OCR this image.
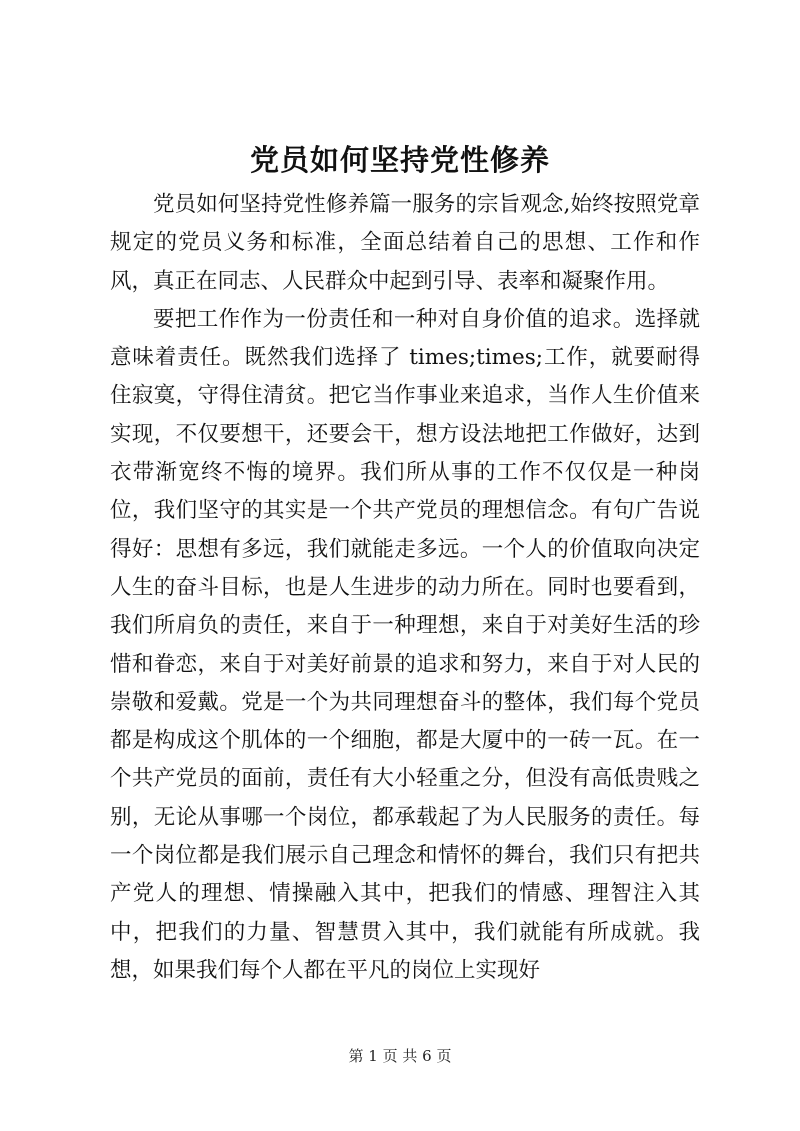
党员如何坚持党性修养

党员如何坚持党性修养篇一服务的宗旨观念,始终按照党章规定的党员义务和标准，全面总结着自己的思想、工作和作风，真正在同志、人民群众中起到引导、表率和凝聚作用。

要把工作作为一份责任和一种对自身价值的追求。选择就意味着责任。既然我们选择了 times;times;工作，就要耐得住寂寞，守得住清贫。把它当作事业来追求，当作人生价值来实现，不仅要想干，还要会干，想方设法地把工作做好，达到衣带渐宽终不悔的境界。我们所从事的工作不仅仅是一种岗位，我们坚守的其实是一个共产党员的理想信念。有句广告说得好：思想有多远，我们就能走多远。一个人的价值取向决定人生的奋斗目标，也是人生进步的动力所在。同时也要看到，我们所肩负的责任，来自于一种理想，来自于对美好生活的珍惜和眷恋，来自于对美好前景的追求和努力，来自于对人民的崇敬和爱戴。党是一个为共同理想奋斗的整体，我们每个党员都是构成这个肌体的一个细胞，都是大厦中的一砖一瓦。在一个共产党员的面前，责任有大小轻重之分，但没有高低贵贱之别，无论从事哪一个岗位，都承载起了为人民服务的责任。每一个岗位都是我们展示自己理念和情怀的舞台，我们只有把共产党人的理想、情操融入其中，把我们的情感、理智注入其中，把我们的力量、智慧贯入其中，我们就能有所成就。我想，如果我们每个人都在平凡的岗位上实现好

第 1 页 共 6 页
